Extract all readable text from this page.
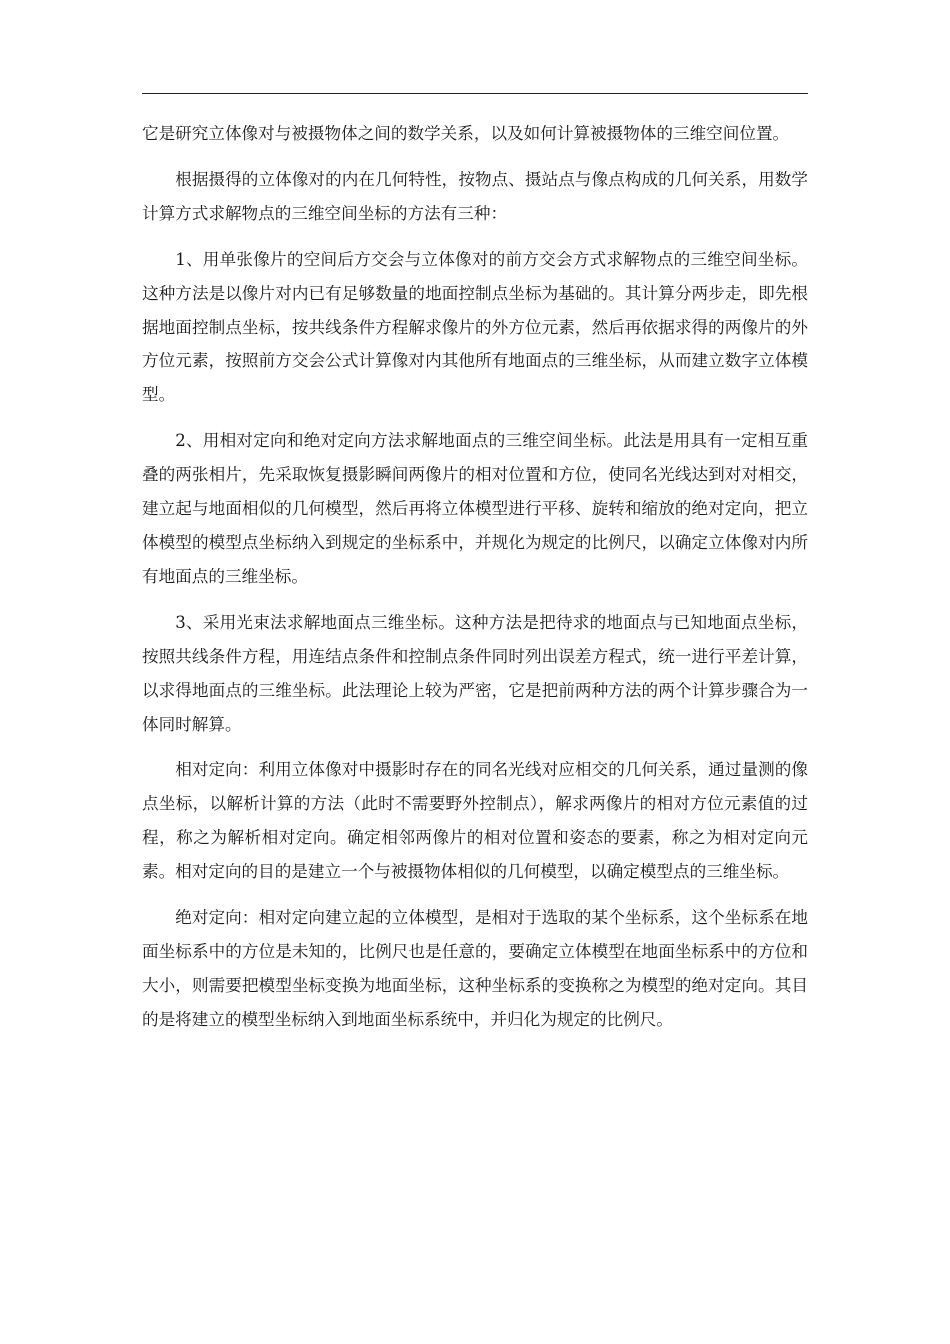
它是研究立体像对与被摄物体之间的数学关系，以及如何计算被摄物体的三维空间位置。

根据摄得的立体像对的内在几何特性，按物点、摄站点与像点构成的几何关系，用数学计算方式求解物点的三维空间坐标的方法有三种：

1、用单张像片的空间后方交会与立体像对的前方交会方式求解物点的三维空间坐标。这种方法是以像片对内已有足够数量的地面控制点坐标为基础的。其计算分两步走，即先根据地面控制点坐标，按共线条件方程解求像片的外方位元素，然后再依据求得的两像片的外方位元素，按照前方交会公式计算像对内其他所有地面点的三维坐标，从而建立数字立体模型。

2、用相对定向和绝对定向方法求解地面点的三维空间坐标。此法是用具有一定相互重叠的两张相片，先采取恢复摄影瞬间两像片的相对位置和方位，使同名光线达到对对相交，建立起与地面相似的几何模型，然后再将立体模型进行平移、旋转和缩放的绝对定向，把立体模型的模型点坐标纳入到规定的坐标系中，并规化为规定的比例尺，以确定立体像对内所有地面点的三维坐标。

3、采用光束法求解地面点三维坐标。这种方法是把待求的地面点与已知地面点坐标，按照共线条件方程，用连结点条件和控制点条件同时列出误差方程式，统一进行平差计算，以求得地面点的三维坐标。此法理论上较为严密，它是把前两种方法的两个计算步骤合为一体同时解算。

相对定向：利用立体像对中摄影时存在的同名光线对应相交的几何关系，通过量测的像点坐标，以解析计算的方法（此时不需要野外控制点），解求两像片的相对方位元素值的过程，称之为解析相对定向。确定相邻两像片的相对位置和姿态的要素，称之为相对定向元素。相对定向的目的是建立一个与被摄物体相似的几何模型，以确定模型点的三维坐标。

绝对定向：相对定向建立起的立体模型，是相对于选取的某个坐标系，这个坐标系在地面坐标系中的方位是未知的，比例尺也是任意的，要确定立体模型在地面坐标系中的方位和大小，则需要把模型坐标变换为地面坐标，这种坐标系的变换称之为模型的绝对定向。其目的是将建立的模型坐标纳入到地面坐标系统中，并归化为规定的比例尺。
